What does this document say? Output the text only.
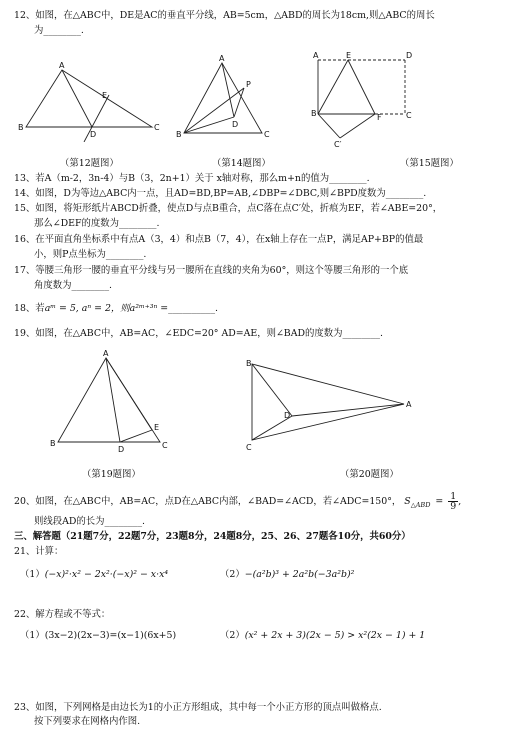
12、如图，在△ABC中，DE是AC的垂直平分线，AB=5cm，△ABD的周长为18cm,则△ABC的周长
为________.
A
B	C
D
E
A
B	C
D
P
A	E	D
B	F	C
C′
（第12题图）	（第14题图）	（第15题图）
13、若A（m-2，3n-4）与B（3，2n+1）关于 x轴对称，那么m+n的值为________.
14、如图，D为等边△ABC内一点，且AD=BD,BP=AB,∠DBP=∠DBC,则∠BPD度数为________.
15、如图，将矩形纸片ABCD折叠，使点D与点B重合，点C落在点C′处，折痕为EF，若∠ABE=20°，
那么∠DEF的度数为________.
16、在平面直角坐标系中有点A（3，4）和点B（7，4），在x轴上存在一点P，满足AP+BP的值最
小，则P点坐标为________.
17、等腰三角形一腰的垂直平分线与另一腰所在直线的夹角为60°，则这个等腰三角形的一个底
角度数为________.
18、若aᵐ = 5, aⁿ = 2，则a²ᵐ⁺³ⁿ =__________.
19、如图，在△ABC中，AB=AC，∠EDC=20° AD=AE，则∠BAD的度数为________.
A
B	C
D
E
B
C
D
A
（第19题图）	（第20题图）
20、如图，在△ABC中，AB=AC，点D在△ABC内部，∠BAD=∠ACD，若∠ADC=150°， $S_{\triangle ABD} = \frac{1}{9}$ ,
则线段AD的长为________.
三、解答题（21题7分，22题7分，23题8分，24题8分，25、26、27题各10分，共60分）
21、计算：
（1）(−x)²·x² − 2x²·(−x)² − x·x⁴	（2）−(a²b)³ + 2a²b(−3a²b)²
22、解方程或不等式：
（1）(3x−2)(2x−3)=(x−1)(6x+5)	（2）(x² + 2x + 3)(2x − 5) > x²(2x − 1) + 1
23、如图，下列网格是由边长为1的小正方形组成，其中每一个小正方形的顶点叫做格点.
按下列要求在网格内作图.
